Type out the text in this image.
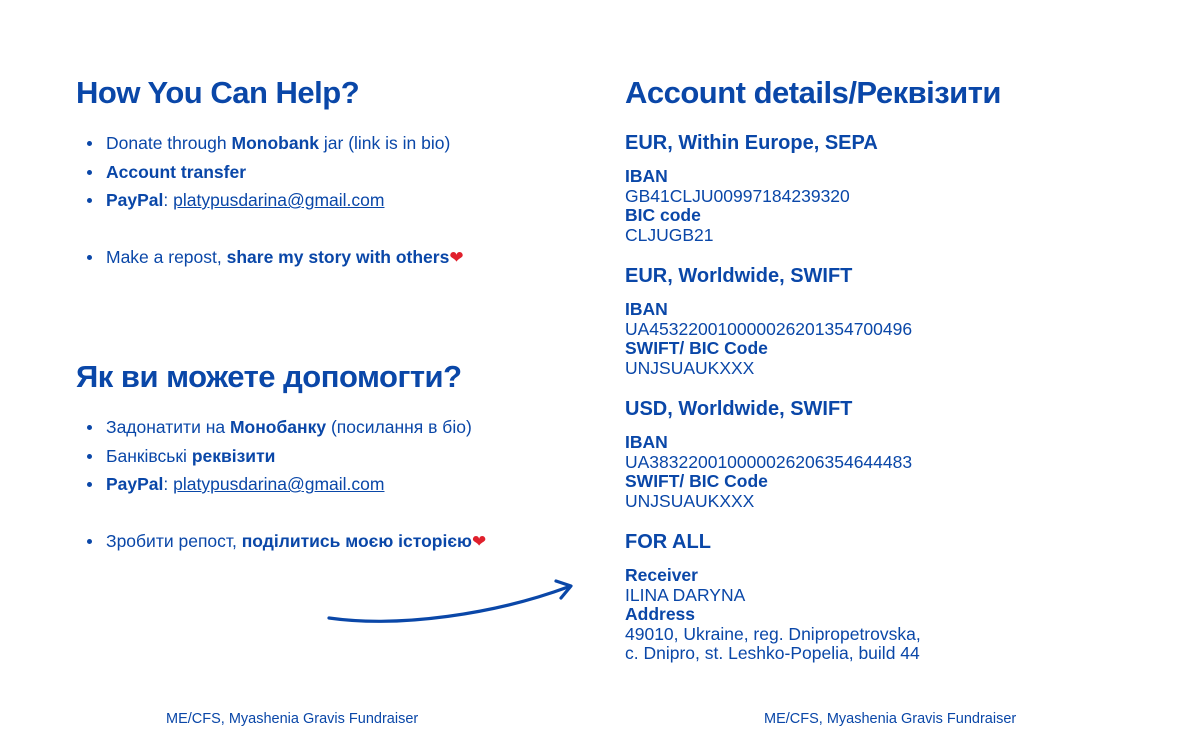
How You Can Help?
Donate through Monobank jar (link is in bio)
Account transfer
PayPal: platypusdarina@gmail.com
Make a repost, share my story with others❤
Як ви можете допомогти?
Задонатити на Монобанку (посилання в біо)
Банківські реквізити
PayPal: platypusdarina@gmail.com
Зробити репост, поділитись моєю історією❤
Account details/Реквізити
EUR, Within Europe, SEPA
IBAN
GB41CLJU00997184239320
BIC code
CLJUGB21
EUR, Worldwide, SWIFT
IBAN
UA453220010000026201354700496
SWIFT/ BIC Code
UNJSUAUKXXX
USD, Worldwide, SWIFT
IBAN
UA383220010000026206354644483
SWIFT/ BIC Code
UNJSUAUKXXX
FOR ALL
Receiver
ILINA DARYNA
Address
49010, Ukraine, reg. Dnipropetrovska,
c. Dnipro, st. Leshko-Popelia, build 44
ME/CFS, Myashenia Gravis Fundraiser	ME/CFS, Myashenia Gravis Fundraiser
